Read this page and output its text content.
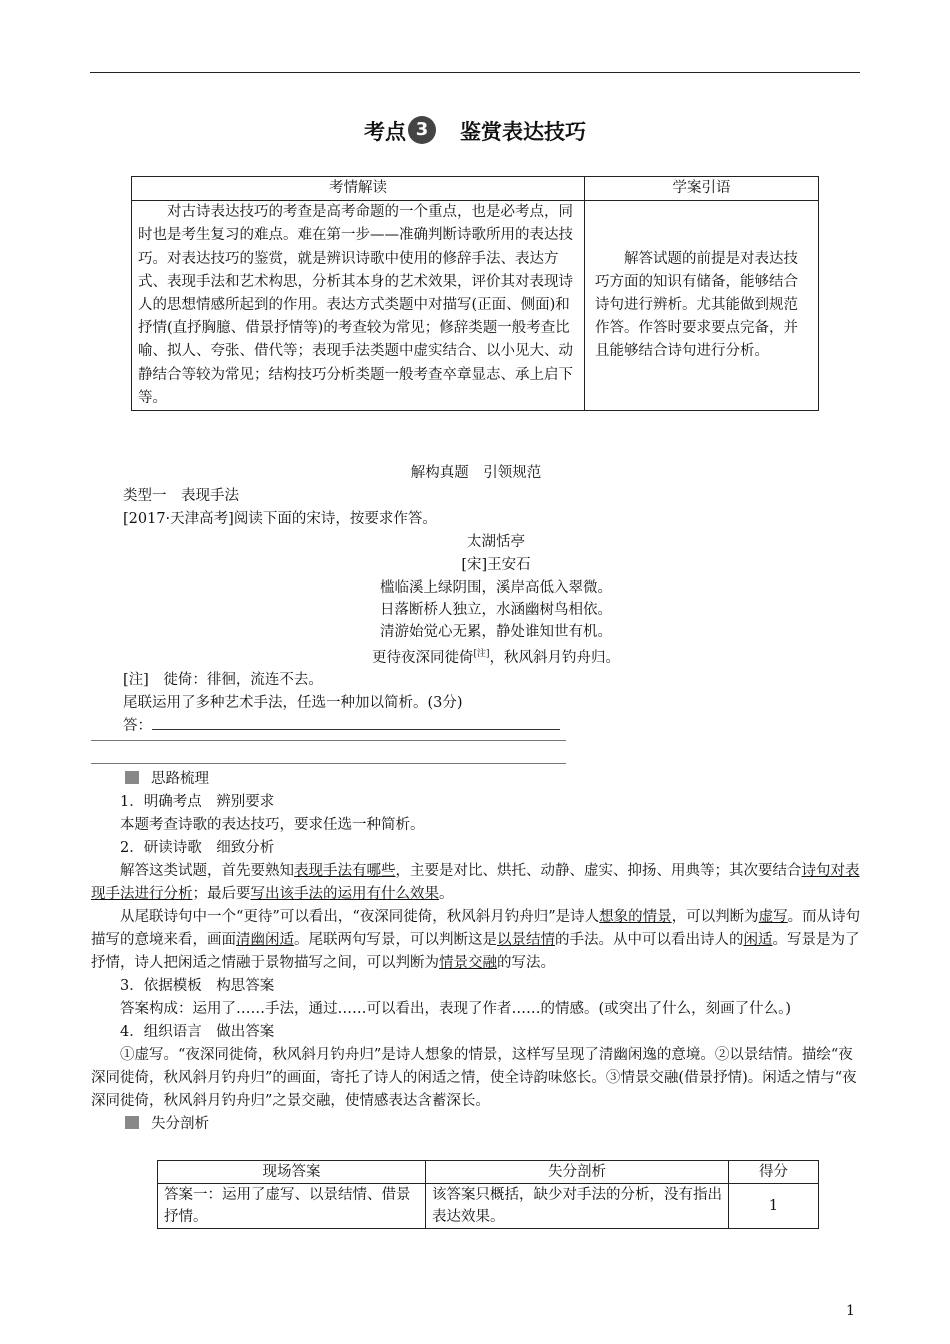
考点 3 鉴赏表达技巧
考情解读	学案引语
对古诗表达技巧的考查是高考命题的一个重点，也是必考点，同时也是考生复习的难点。难在第一步——准确判断诗歌所用的表达技巧。对表达技巧的鉴赏，就是辨识诗歌中使用的修辞手法、表达方式、表现手法和艺术构思，分析其本身的艺术效果，评价其对表现诗人的思想情感所起到的作用。表达方式类题中对描写(正面、侧面)和抒情(直抒胸臆、借景抒情等)的考查较为常见；修辞类题一般考查比喻、拟人、夸张、借代等；表现手法类题中虚实结合、以小见大、动静结合等较为常见；结构技巧分析类题一般考查卒章显志、承上启下等。	解答试题的前提是对表达技巧方面的知识有储备，能够结合诗句进行辨析。尤其能做到规范作答。作答时要求要点完备，并且能够结合诗句进行分析。
解构真题　引领规范
类型一　表现手法
[2017·天津高考]阅读下面的宋诗，按要求作答。
太湖恬亭
[宋]王安石
槛临溪上绿阴围，溪岸高低入翠微。
日落断桥人独立，水涵幽树鸟相依。
清游始觉心无累，静处谁知世有机。
更待夜深同徙倚[注]，秋风斜月钓舟归。
[注]　徙倚：徘徊，流连不去。
尾联运用了多种艺术手法，任选一种加以简析。(3分)
答：
思路梳理
1．明确考点　辨别要求
本题考查诗歌的表达技巧，要求任选一种简析。
2．研读诗歌　细致分析
解答这类试题，首先要熟知表现手法有哪些，主要是对比、烘托、动静、虚实、抑扬、用典等；其次要结合诗句对表现手法进行分析；最后要写出该手法的运用有什么效果。
从尾联诗句中一个“更待”可以看出，“夜深同徙倚，秋风斜月钓舟归”是诗人想象的情景，可以判断为虚写。而从诗句描写的意境来看，画面清幽闲适。尾联两句写景，可以判断这是以景结情的手法。从中可以看出诗人的闲适。写景是为了抒情，诗人把闲适之情融于景物描写之间，可以判断为情景交融的写法。
3．依据模板　构思答案
答案构成：运用了……手法，通过……可以看出，表现了作者……的情感。(或突出了什么，刻画了什么。)
4．组织语言　做出答案
①虚写。“夜深同徙倚，秋风斜月钓舟归”是诗人想象的情景，这样写呈现了清幽闲逸的意境。②以景结情。描绘“夜深同徙倚，秋风斜月钓舟归”的画面，寄托了诗人的闲适之情，使全诗韵味悠长。③情景交融(借景抒情)。闲适之情与“夜深同徙倚，秋风斜月钓舟归”之景交融，使情感表达含蓄深长。
失分剖析
现场答案	失分剖析	得分
答案一：运用了虚写、以景结情、借景抒情。	该答案只概括，缺少对手法的分析，没有指出表达效果。	1
1
